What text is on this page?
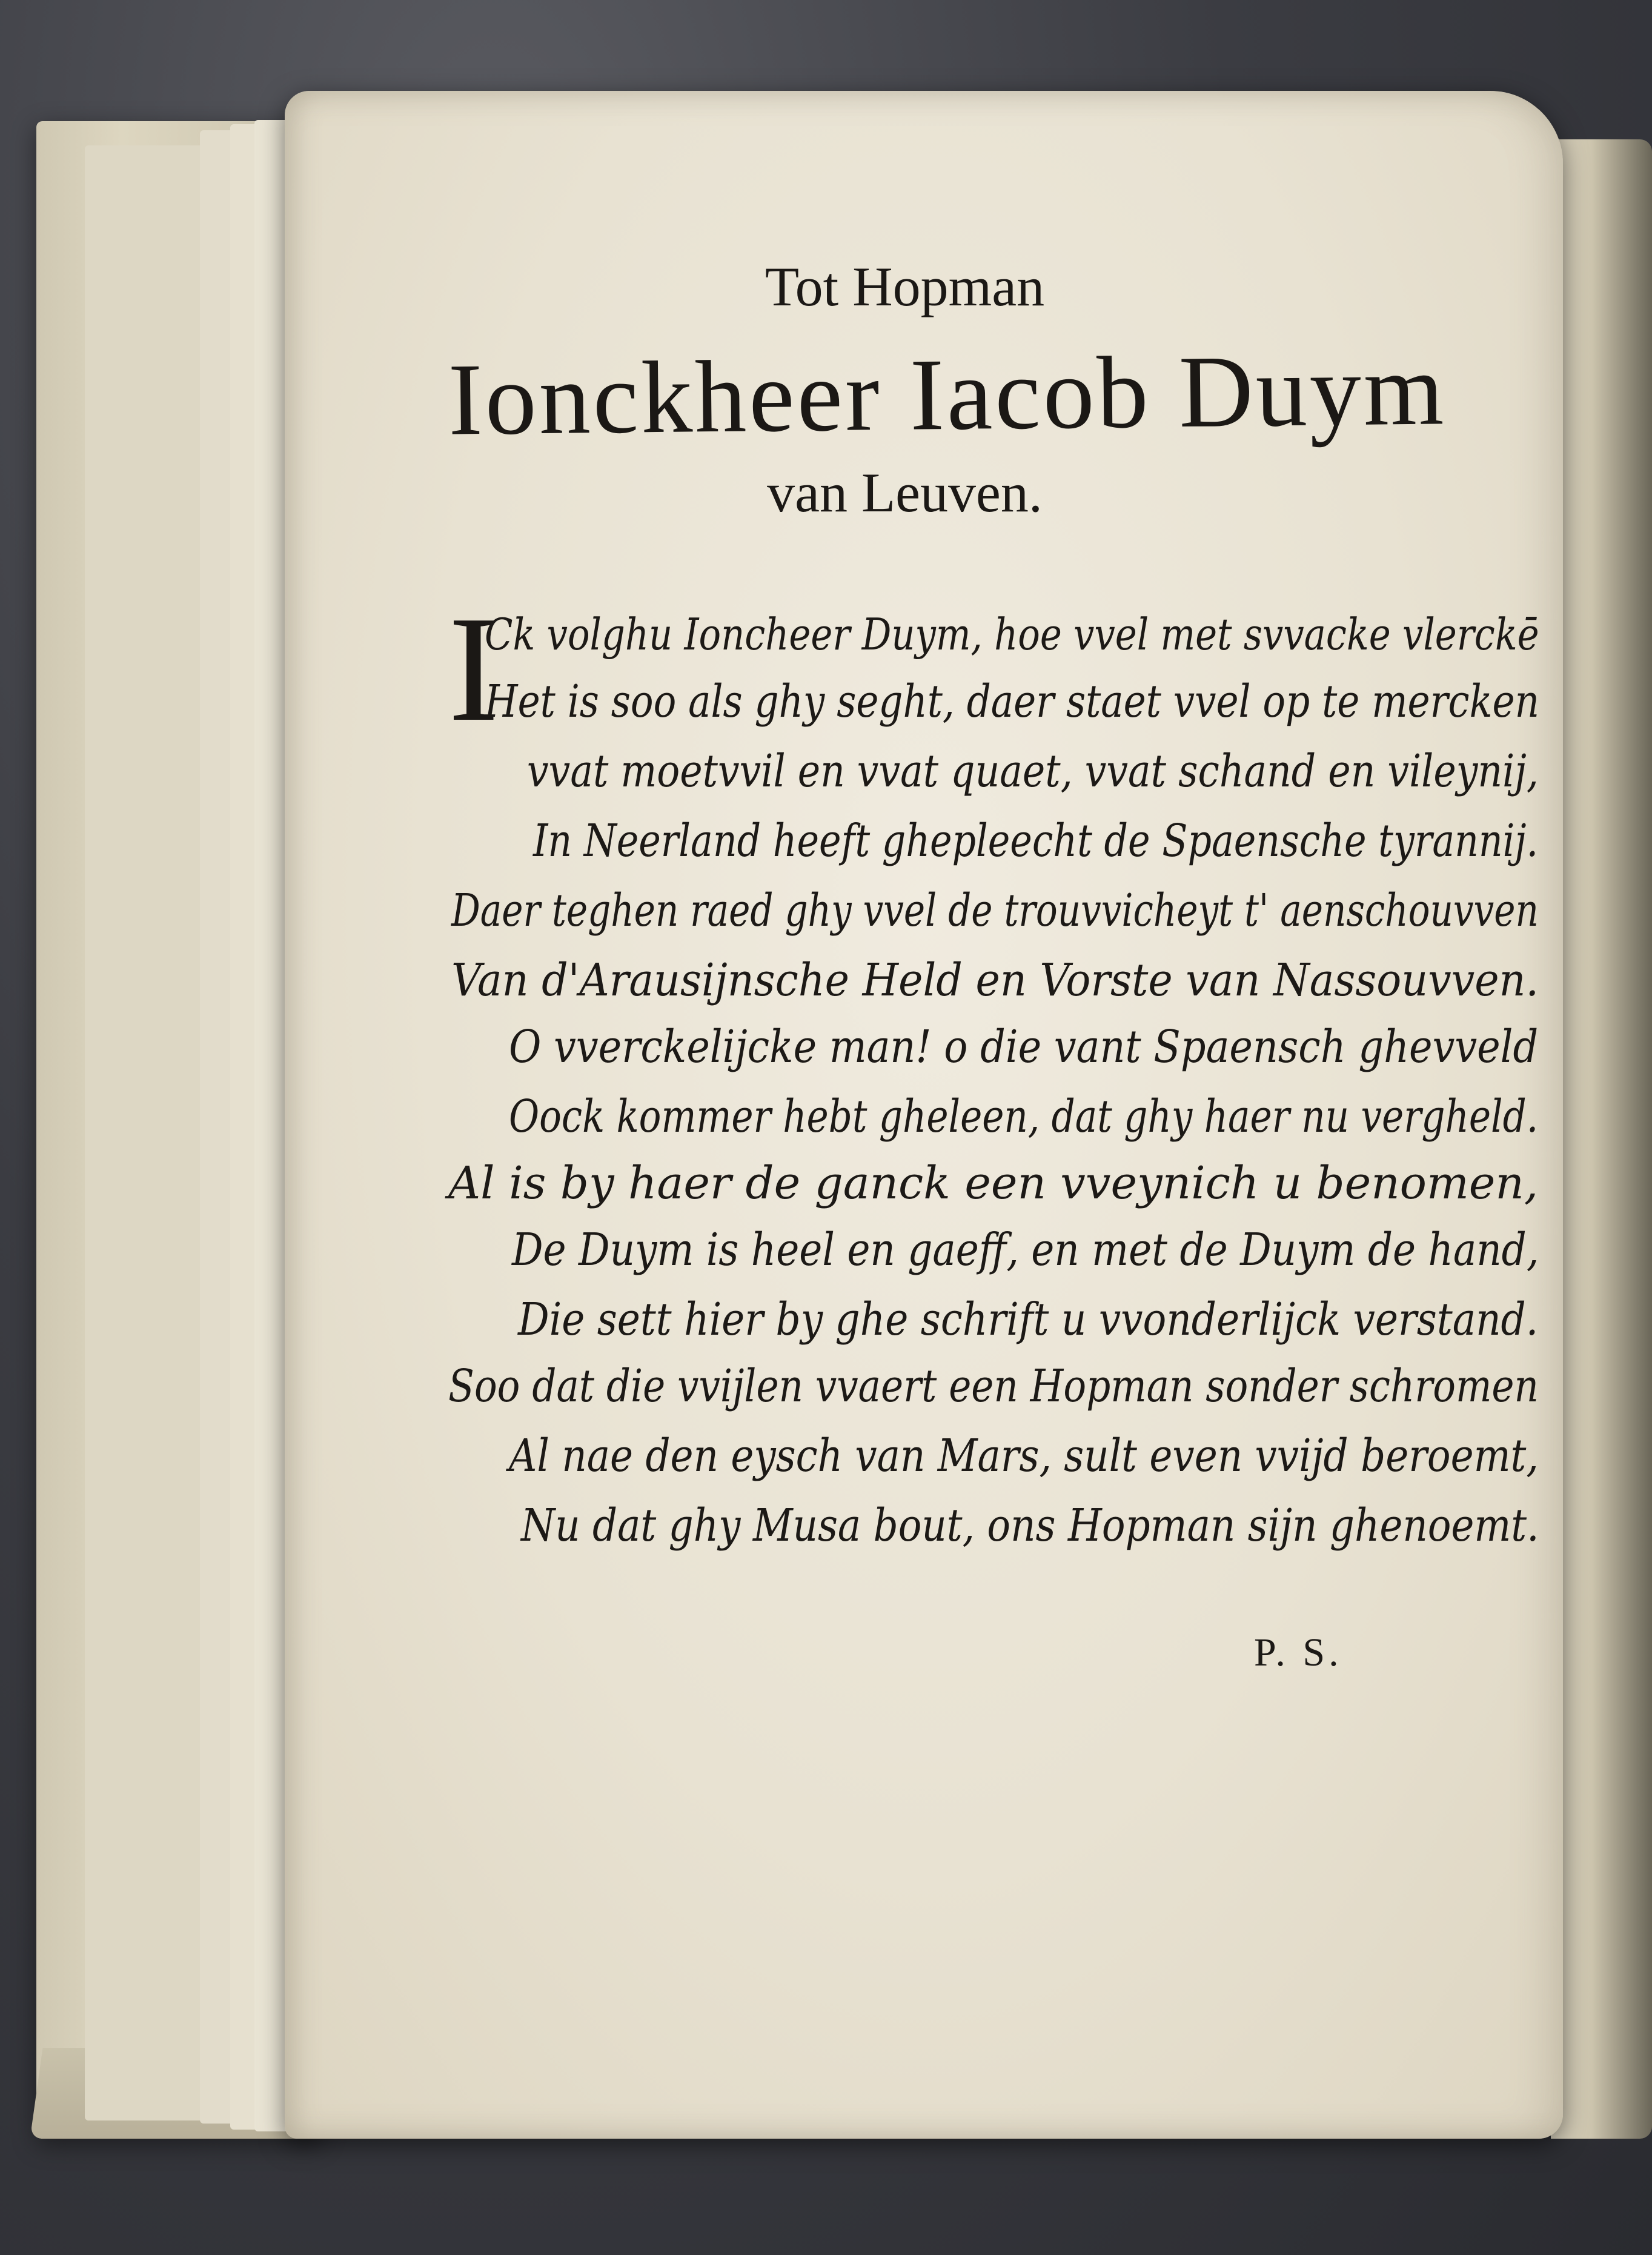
Tot Hopman
Ionckheer Iacob Duym
van Leuven.
I
Ck volghu Ioncheer Duym, hoe vvel met svvacke vlerckē
Het is soo als ghy seght, daer staet vvel op te mercken
vvat moetvvil en vvat quaet, vvat schand en vileynij,
In Neerland heeft ghepleecht de Spaensche tyrannij.
Daer teghen raed ghy vvel de trouvvicheyt t' aenschouvven
Van d'Arausijnsche Held en Vorste van Nassouvven.
O vverckelijcke man! o die vant Spaensch ghevveld
Oock kommer hebt gheleen, dat ghy haer nu vergheld.
Al is by haer de ganck een vveynich u benomen,
De Duym is heel en gaeff, en met de Duym de hand,
Die sett hier by ghe schrift u vvonderlijck verstand.
Soo dat die vvijlen vvaert een Hopman sonder schromen
Al nae den eysch van Mars, sult even vvijd beroemt,
Nu dat ghy Musa bout, ons Hopman sijn ghenoemt.
P. S.
